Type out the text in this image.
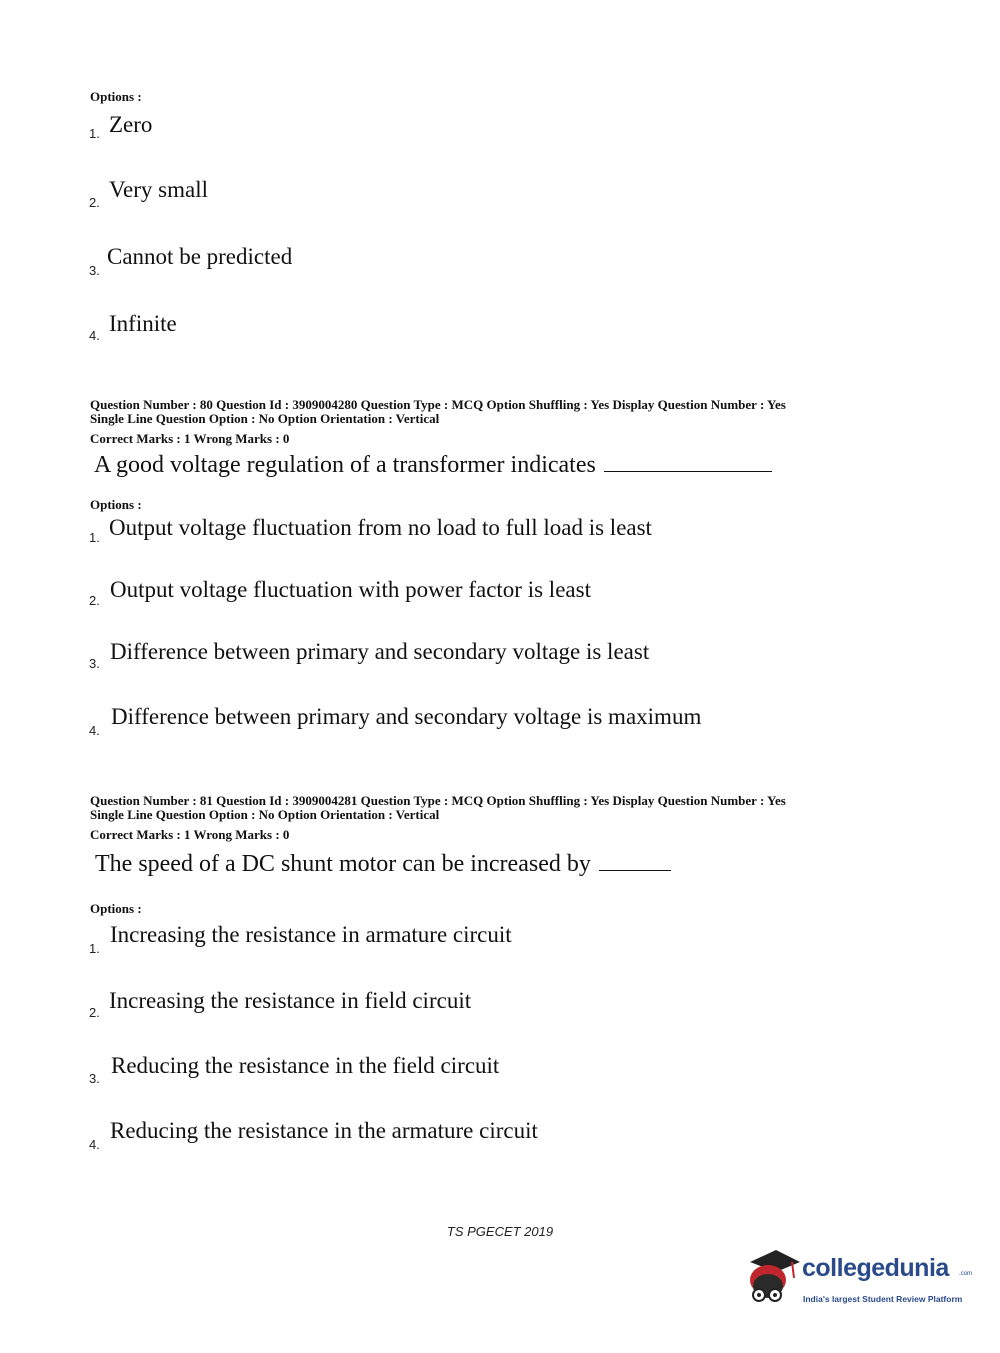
Options :
1. Zero
2.
Very small
3.
Cannot be predicted
4. Infinite
Question Number : 80 Question Id : 3909004280 Question Type : MCQ Option Shuffling : Yes Display Question Number : Yes
Single Line Question Option : No Option Orientation : Vertical
Correct Marks : 1 Wrong Marks : 0
A good voltage regulation of a transformer indicates
Options :
1. Output voltage fluctuation from no load to full load is least
2. Output voltage fluctuation with power factor is least
3. Difference between primary and secondary voltage is least
4.
Difference between primary and secondary voltage is maximum
Question Number : 81 Question Id : 3909004281 Question Type : MCQ Option Shuffling : Yes Display Question Number : Yes
Single Line Question Option : No Option Orientation : Vertical
Correct Marks : 1 Wrong Marks : 0
The speed of a DC shunt motor can be increased by
Options :
1.
Increasing the resistance in armature circuit
2. Increasing the resistance in field circuit
3.
Reducing the resistance in the field circuit
4.
Reducing the resistance in the armature circuit
TS PGECET 2019
collegedunia .com
India's largest Student Review Platform
